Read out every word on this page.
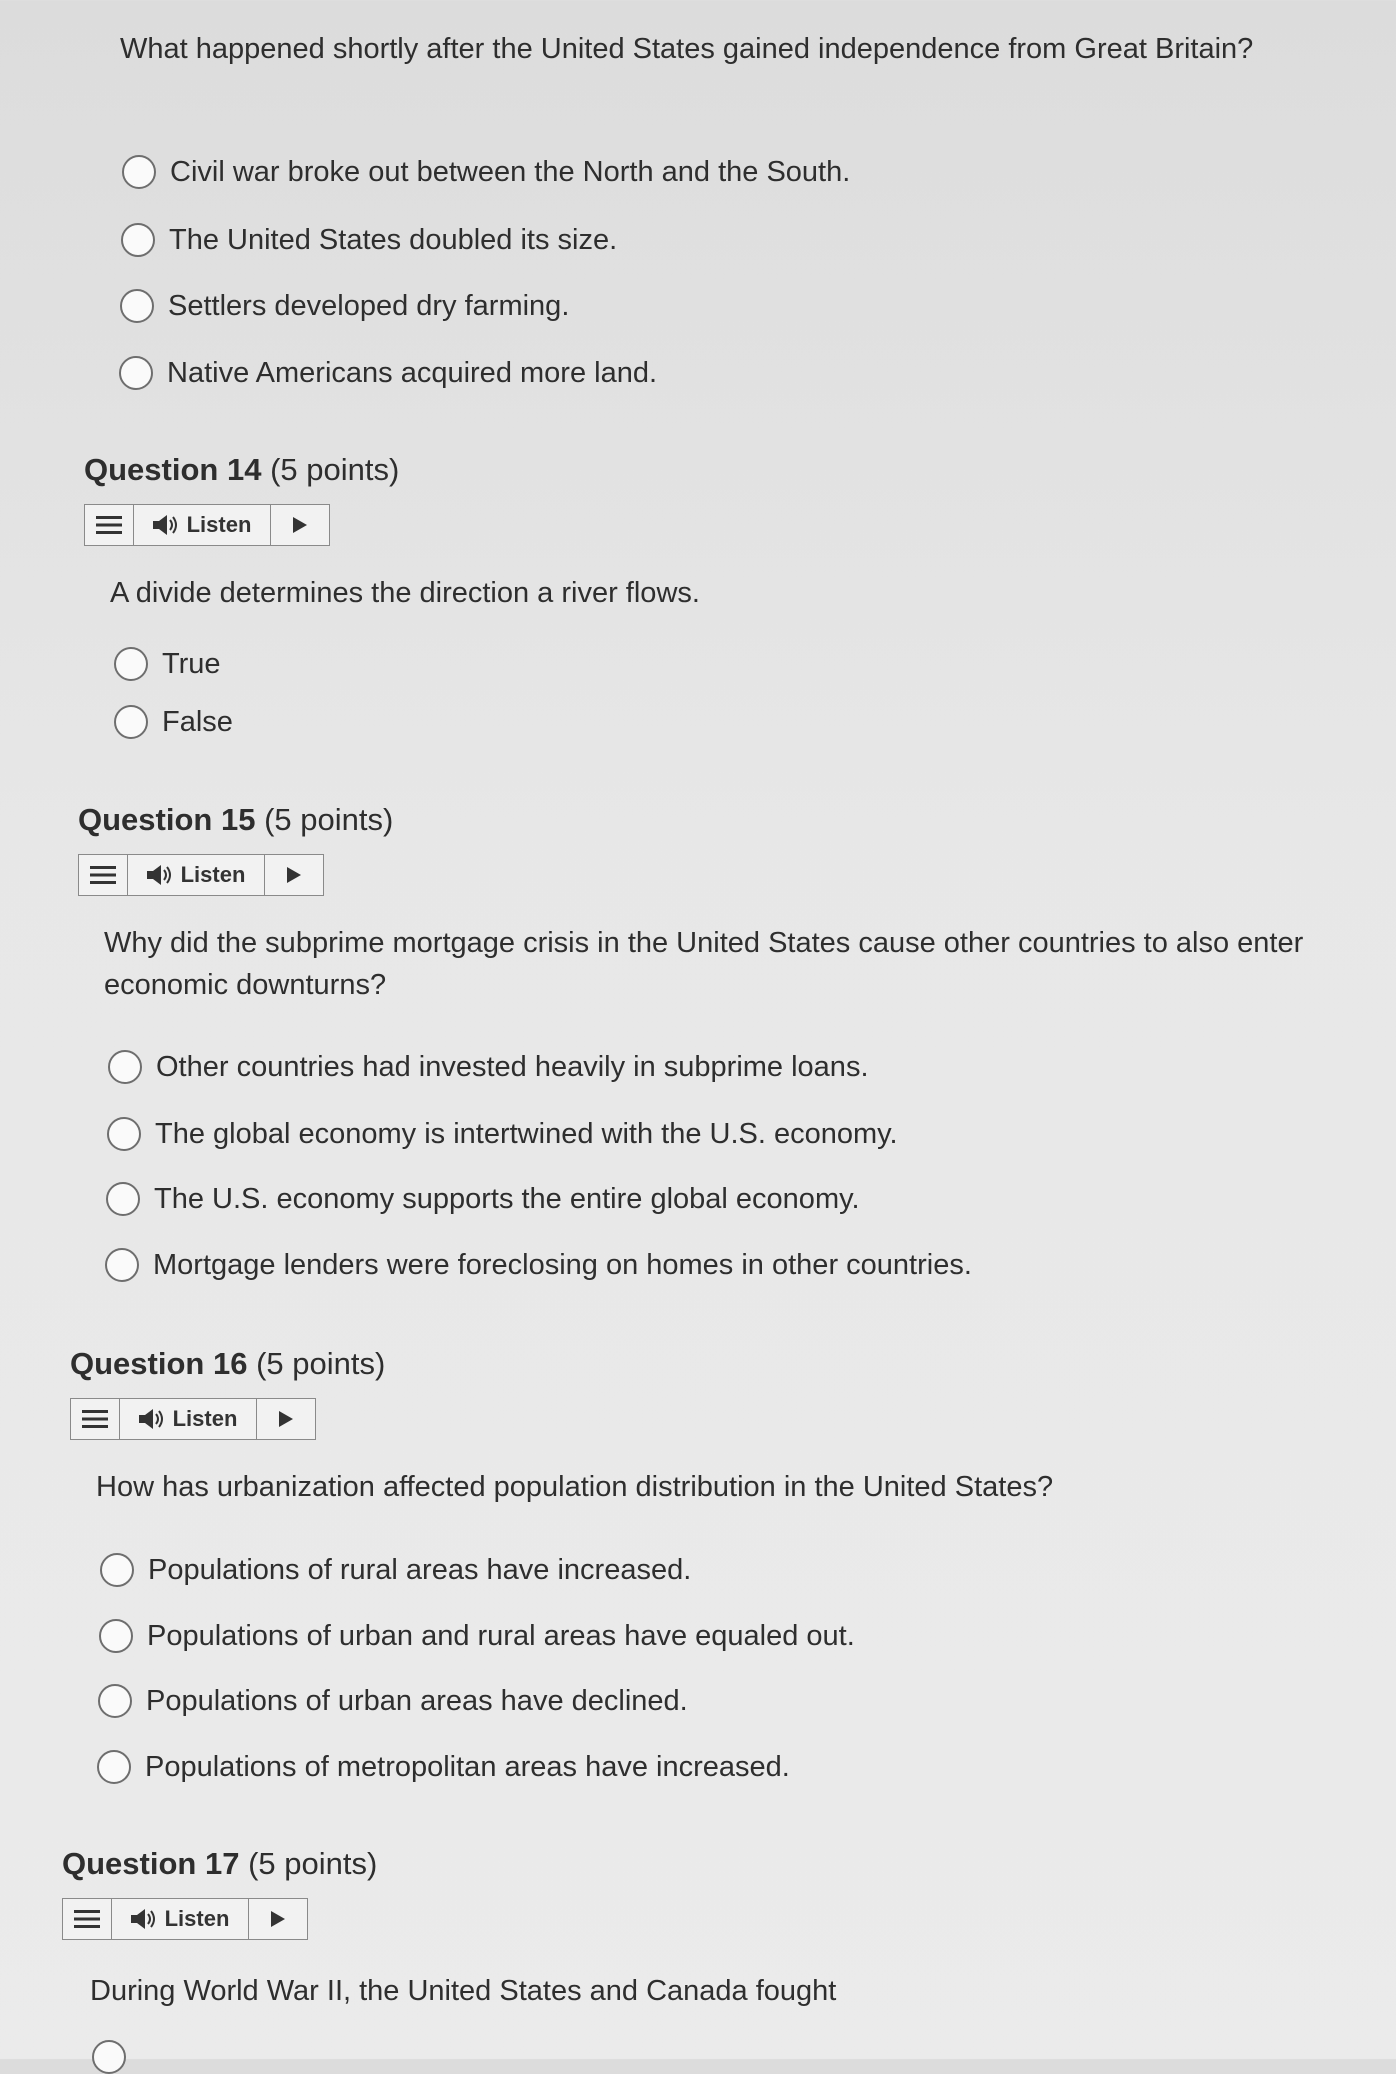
What happened shortly after the United States gained independence from Great Britain?

Civil war broke out between the North and the South.
The United States doubled its size.
Settlers developed dry farming.
Native Americans acquired more land.

Question 14 (5 points)

Listen

A divide determines the direction a river flows.

True
False

Question 15 (5 points)

Listen

Why did the subprime mortgage crisis in the United States cause other countries to also enter economic downturns?

Other countries had invested heavily in subprime loans.
The global economy is intertwined with the U.S. economy.
The U.S. economy supports the entire global economy.
Mortgage lenders were foreclosing on homes in other countries.

Question 16 (5 points)

Listen

How has urbanization affected population distribution in the United States?

Populations of rural areas have increased.
Populations of urban and rural areas have equaled out.
Populations of urban areas have declined.
Populations of metropolitan areas have increased.

Question 17 (5 points)

Listen

During World War II, the United States and Canada fought
